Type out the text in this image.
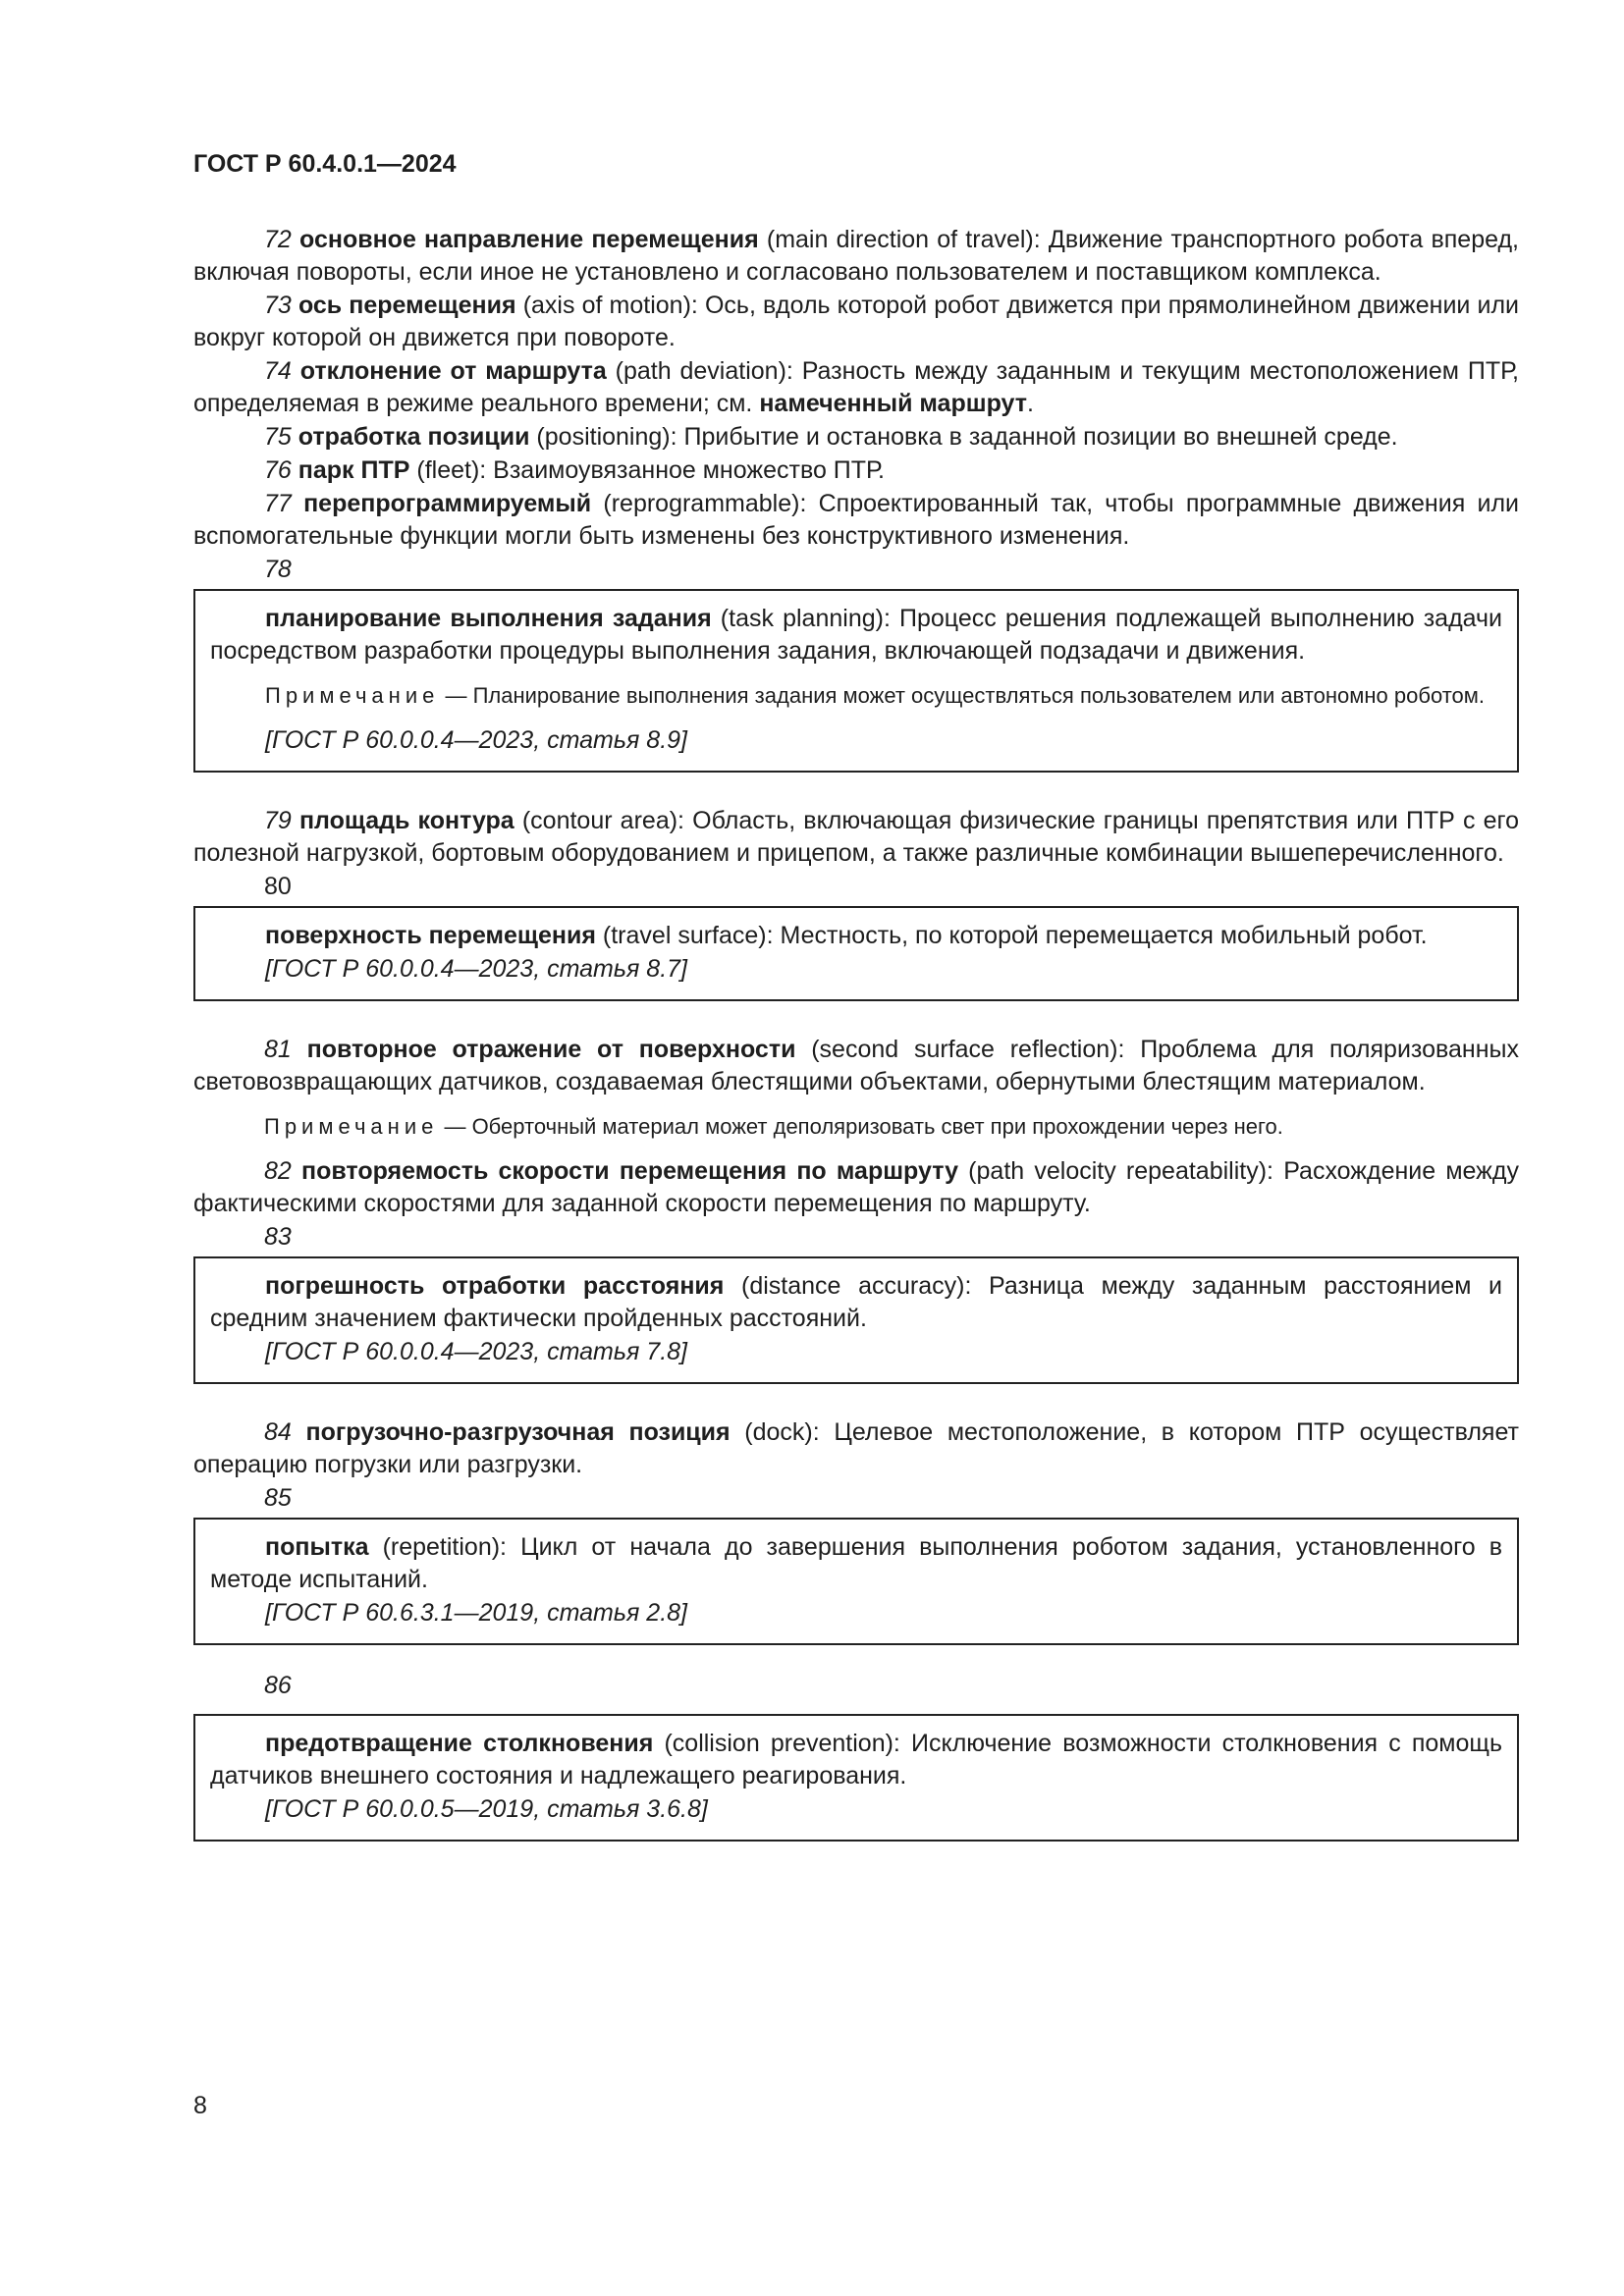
ГОСТ Р 60.4.0.1—2024

72 основное направление перемещения (main direction of travel): Движение транспортного робота вперед, включая повороты, если иное не установлено и согласовано пользователем и поставщиком комплекса.

73 ось перемещения (axis of motion): Ось, вдоль которой робот движется при прямолинейном движении или вокруг которой он движется при повороте.

74 отклонение от маршрута (path deviation): Разность между заданным и текущим местоположением ПТР, определяемая в режиме реального времени; см. намеченный маршрут.

75 отработка позиции (positioning): Прибытие и остановка в заданной позиции во внешней среде.

76 парк ПТР (fleet): Взаимоувязанное множество ПТР.

77 перепрограммируемый (reprogrammable): Спроектированный так, чтобы программные движения или вспомогательные функции могли быть изменены без конструктивного изменения.

78

планирование выполнения задания (task planning): Процесс решения подлежащей выполнению задачи посредством разработки процедуры выполнения задания, включающей подзадачи и движения.

Примечание — Планирование выполнения задания может осуществляться пользователем или автономно роботом.

[ГОСТ Р 60.0.0.4—2023, статья 8.9]

79 площадь контура (contour area): Область, включающая физические границы препятствия или ПТР с его полезной нагрузкой, бортовым оборудованием и прицепом, а также различные комбинации вышеперечисленного.

80

поверхность перемещения (travel surface): Местность, по которой перемещается мобильный робот.

[ГОСТ Р 60.0.0.4—2023, статья 8.7]

81 повторное отражение от поверхности (second surface reflection): Проблема для поляризованных световозвращающих датчиков, создаваемая блестящими объектами, обернутыми блестящим материалом.

Примечание — Оберточный материал может деполяризовать свет при прохождении через него.

82 повторяемость скорости перемещения по маршруту (path velocity repeatability): Расхождение между фактическими скоростями для заданной скорости перемещения по маршруту.

83

погрешность отработки расстояния (distance accuracy): Разница между заданным расстоянием и средним значением фактически пройденных расстояний.

[ГОСТ Р 60.0.0.4—2023, статья 7.8]

84 погрузочно-разгрузочная позиция (dock): Целевое местоположение, в котором ПТР осуществляет операцию погрузки или разгрузки.

85

попытка (repetition): Цикл от начала до завершения выполнения роботом задания, установленного в методе испытаний.

[ГОСТ Р 60.6.3.1—2019, статья 2.8]

86

предотвращение столкновения (collision prevention): Исключение возможности столкновения с помощь датчиков внешнего состояния и надлежащего реагирования.

[ГОСТ Р 60.0.0.5—2019, статья 3.6.8]

8
